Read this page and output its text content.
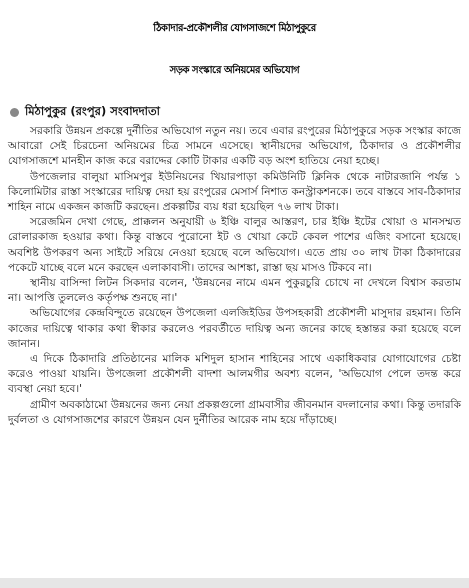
ঠিকাদার-প্রকৌশলীর যোগসাজশে মিঠাপুকুরে
সড়ক সংস্কারে অনিয়মের অভিযোগ
মিঠাপুকুর (রংপুর) সংবাদদাতা

সরকারি উন্নয়ন প্রকল্পে দুর্নীতির অভিযোগ নতুন নয়। তবে এবার রংপুরের মিঠাপুকুরে সড়ক সংস্কার কাজে আবারো সেই চিরচেনা অনিয়মের চিত্র সামনে এসেছে। স্থানীয়দের অভিযোগ, ঠিকাদার ও প্রকৌশলীর যোগসাজশে মানহীন কাজ করে বরাদ্দের কোটি টাকার একটি বড় অংশ হাতিয়ে নেয়া হচ্ছে।

উপজেলার বালুয়া মাসিমপুর ইউনিয়নের খিয়ারপাড়া কমিউনিটি ক্লিনিক থেকে নাটারজানি পর্যন্ত ১ কিলোমিটার রাস্তা সংস্কারের দায়িত্ব দেয়া হয় রংপুরের মেসার্স নিশাত কনস্ট্রাকশনকে। তবে বাস্তবে সাব-ঠিকাদার শাহিন নামে একজন কাজটি করছেন। প্রকল্পটির ব্যয় ধরা হয়েছিল ৭৬ লাখ টাকা।

সরেজমিন দেখা গেছে, প্রাক্কলন অনুযায়ী ৬ ইঞ্চি বালুর আস্তরণ, চার ইঞ্চি ইটের খোয়া ও মানসম্মত রোলারকাজ হওয়ার কথা। কিন্তু বাস্তবে পুরোনো ইট ও খোয়া কেটে কেবল পাশের এজিং বসানো হয়েছে। অবশিষ্ট উপকরণ অন্য সাইটে সরিয়ে নেওয়া হয়েছে বলে অভিযোগ। এতে প্রায় ৩০ লাখ টাকা ঠিকাদারের পকেটে যাচ্ছে বলে মনে করছেন এলাকাবাসী। তাদের আশঙ্কা, রাস্তা ছয় মাসও টিকবে না।

স্থানীয় বাসিন্দা লিটন সিকদার বলেন, 'উন্নয়নের নামে এমন পুকুরচুরি চোখে না দেখলে বিশ্বাস করতাম না। আপত্তি তুললেও কর্তৃপক্ষ শুনছে না।'

অভিযোগের কেন্দ্রবিন্দুতে রয়েছেন উপজেলা এলজিইডির উপসহকারী প্রকৌশলী মাসুদার রহমান। তিনি কাজের দায়িত্বে থাকার কথা স্বীকার করলেও পরবর্তীতে দায়িত্ব অন্য জনের কাছে হস্তান্তর করা হয়েছে বলে জানান।

এ দিকে ঠিকাদারি প্রতিষ্ঠানের মালিক মশিদুল হাসান শাহিনের সাথে একাধিকবার যোগাযোগের চেষ্টা করেও পাওয়া যায়নি। উপজেলা প্রকৌশলী বাদশা আলমগীর অবশ্য বলেন, 'অভিযোগ পেলে তদন্ত করে ব্যবস্থা নেয়া হবে।'

গ্রামীণ অবকাঠামো উন্নয়নের জন্য নেয়া প্রকল্পগুলো গ্রামবাসীর জীবনমান বদলানোর কথা। কিন্তু তদারকি দুর্বলতা ও যোগসাজশের কারণে উন্নয়ন যেন দুর্নীতির আরেক নাম হয়ে দাঁড়াচ্ছে।
